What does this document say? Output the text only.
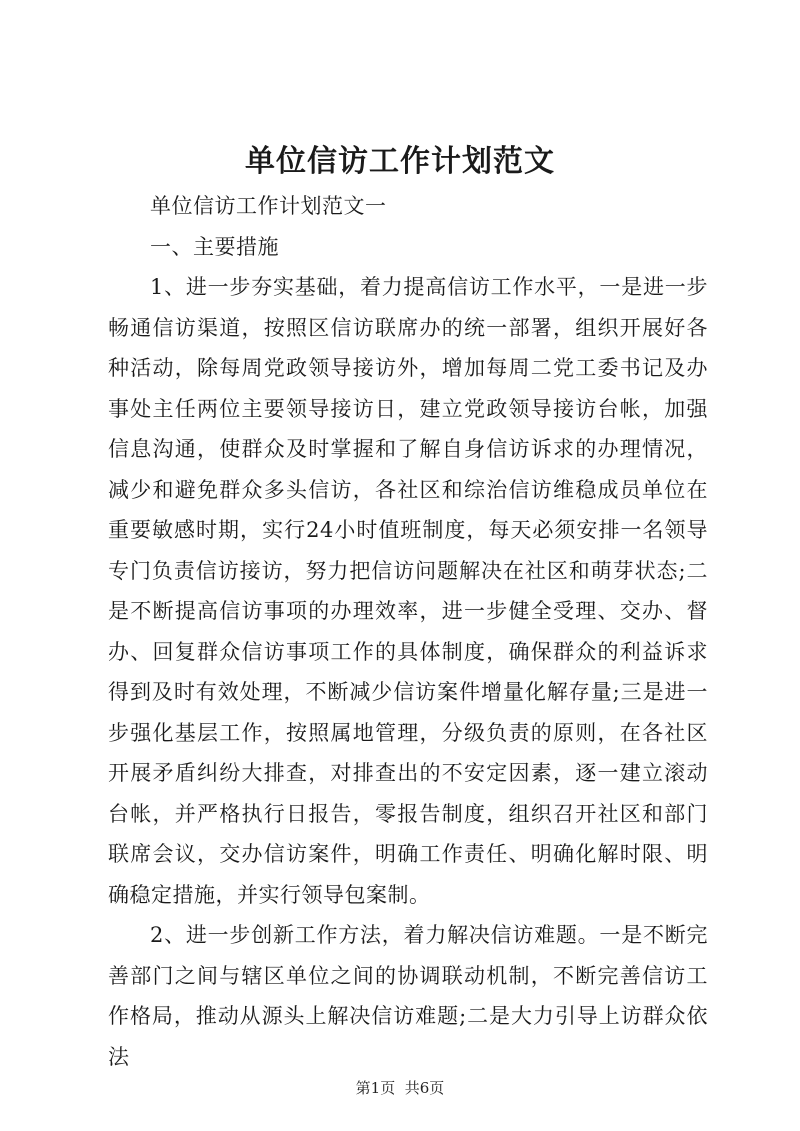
单位信访工作计划范文

单位信访工作计划范文一

一、主要措施

1、进一步夯实基础，着力提高信访工作水平，一是进一步畅通信访渠道，按照区信访联席办的统一部署，组织开展好各种活动，除每周党政领导接访外，增加每周二党工委书记及办事处主任两位主要领导接访日，建立党政领导接访台帐，加强信息沟通，使群众及时掌握和了解自身信访诉求的办理情况，减少和避免群众多头信访，各社区和综治信访维稳成员单位在重要敏感时期，实行24小时值班制度，每天必须安排一名领导专门负责信访接访，努力把信访问题解决在社区和萌芽状态;二是不断提高信访事项的办理效率，进一步健全受理、交办、督办、回复群众信访事项工作的具体制度，确保群众的利益诉求得到及时有效处理，不断减少信访案件增量化解存量;三是进一步强化基层工作，按照属地管理，分级负责的原则，在各社区开展矛盾纠纷大排查，对排查出的不安定因素，逐一建立滚动台帐，并严格执行日报告，零报告制度，组织召开社区和部门联席会议，交办信访案件，明确工作责任、明确化解时限、明确稳定措施，并实行领导包案制。

2、进一步创新工作方法，着力解决信访难题。一是不断完善部门之间与辖区单位之间的协调联动机制，不断完善信访工作格局，推动从源头上解决信访难题;二是大力引导上访群众依法

第1页 共6页
